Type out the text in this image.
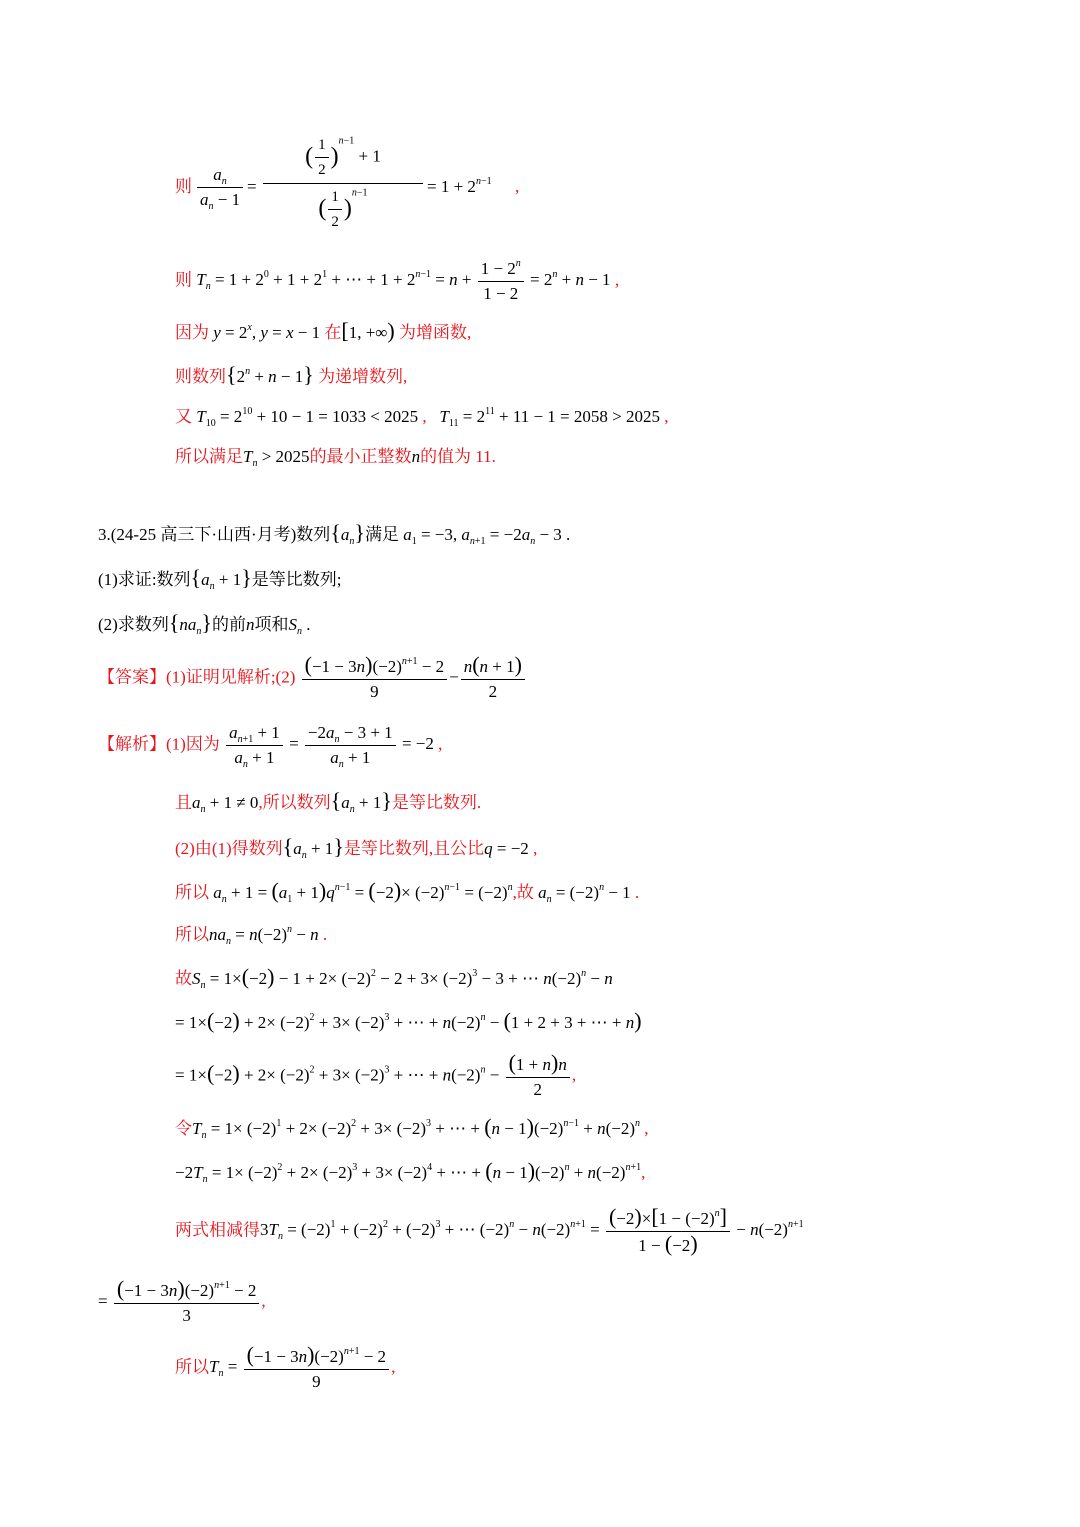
则 $\frac{a_n}{a_n - 1}$ =
( $\frac{1}{2} )^{n-1} + 1$
( $\frac{1}{2} )^{n-1}$	= $1 + 2^{n-1}$ ,
则 $T_n = 1 + 2^0 + 1 + 2^1$ + ⋯ + $1 + 2^{n-1} = n + \frac{1 - 2^n}{1 - 2} = 2^n + n - 1$ ,
因为 $y = 2^x$, y = x − 1 在[1, +∞) 为增函数,
则数列$\{2^n + n - 1\}$ 为递增数列,
又 $T_{10} = 2^{10} + 10 - 1 = 1033 < 2025$ ,   $T_{11} = 2^{11} + 11 - 1 = 2058 > 2025$ ,
所以满足$T_n > 2025$的最小正整数n的值为 11.
3.(24-25 高三下·山西·月考)数列$\{a_n\}$满足 $a_1 = -3$, $a_{n+1} = -2a_n - 3$ .
(1)求证:数列$\{a_n + 1\}$是等比数列;
(2)求数列$\{na_n\}$的前n项和$S_n$ .
【答案】(1)证明见解析;(2) $\frac{(-1 - 3n)(-2)^{n+1} - 2}{9} - \frac{n(n + 1)}{2}$
【解析】(1)因为 $\frac{a_{n+1} + 1}{a_n + 1} = \frac{-2a_n - 3 + 1}{a_n + 1} = -2$ ,
且$a_n + 1 \ne 0$,所以数列$\{a_n + 1\}$是等比数列.
(2)由(1)得数列$\{a_n + 1\}$是等比数列,且公比q = −2 ,
所以 $a_n + 1 = (a_1 + 1)q^{n-1} = (-2)\times (-2)^{n-1} = (-2)^n$,故 $a_n = (-2)^n - 1$ .
所以$na_n = n(-2)^n - n$ .
故$S_n = 1\times(-2) - 1 + 2\times (-2)^2 - 2 + 3\times (-2)^3 - 3$ + ⋯ $n(-2)^n - n$
= $1\times(-2) + 2\times (-2)^2 + 3\times (-2)^3$ + ⋯ + $n(-2)^n - (1 + 2 + 3$ + ⋯ + n)
= $1\times(-2) + 2\times (-2)^2 + 3\times (-2)^3$ + ⋯ + $n(-2)^n - \frac{(1 + n)n}{2}$ ,
令$T_n = 1\times (-2)^1 + 2\times (-2)^2 + 3\times (-2)^3$ + ⋯ + $(n - 1)(-2)^{n-1} + n(-2)^n$ ,
$-2T_n = 1\times (-2)^2 + 2\times (-2)^3 + 3\times (-2)^4$ + ⋯ + $(n - 1)(-2)^n + n(-2)^{n+1}$,
两式相减得$3T_n = (-2)^1 + (-2)^2 + (-2)^3$ + ⋯ $(-2)^n - n(-2)^{n+1} = \frac{(-2)\times[1 - (-2)^n]}{1 - (-2)} - n(-2)^{n+1}$
= $\frac{(-1 - 3n)(-2)^{n+1} - 2}{3}$ ,
所以$T_n = \frac{(-1 - 3n)(-2)^{n+1} - 2}{9}$ ,
